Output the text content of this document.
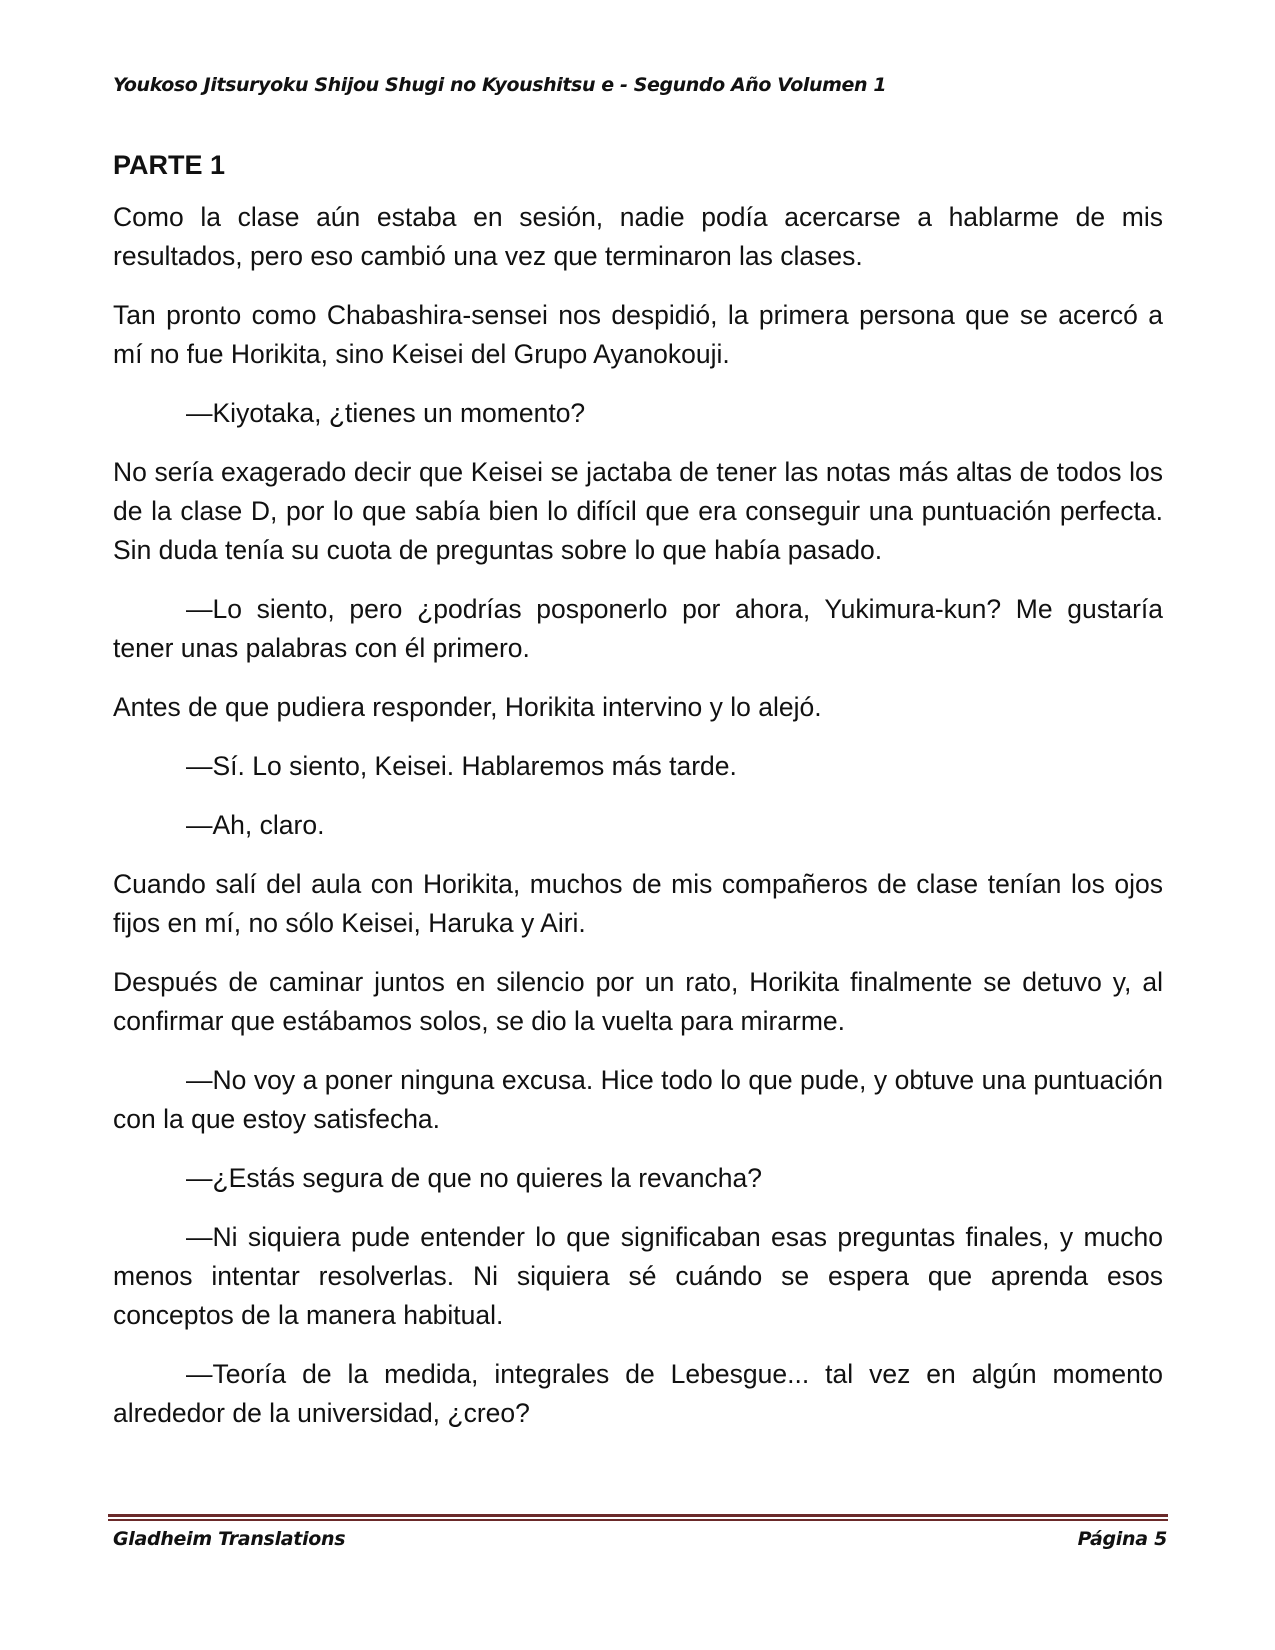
Youkoso Jitsuryoku Shijou Shugi no Kyoushitsu e - Segundo Año Volumen 1
PARTE 1

Como la clase aún estaba en sesión, nadie podía acercarse a hablarme de mis resultados, pero eso cambió una vez que terminaron las clases.

Tan pronto como Chabashira-sensei nos despidió, la primera persona que se acercó a mí no fue Horikita, sino Keisei del Grupo Ayanokouji.

—Kiyotaka, ¿tienes un momento?

No sería exagerado decir que Keisei se jactaba de tener las notas más altas de todos los de la clase D, por lo que sabía bien lo difícil que era conseguir una puntuación perfecta. Sin duda tenía su cuota de preguntas sobre lo que había pasado.

—Lo siento, pero ¿podrías posponerlo por ahora, Yukimura-kun? Me gustaría tener unas palabras con él primero.

Antes de que pudiera responder, Horikita intervino y lo alejó.

—Sí. Lo siento, Keisei. Hablaremos más tarde.

—Ah, claro.

Cuando salí del aula con Horikita, muchos de mis compañeros de clase tenían los ojos fijos en mí, no sólo Keisei, Haruka y Airi.

Después de caminar juntos en silencio por un rato, Horikita finalmente se detuvo y, al confirmar que estábamos solos, se dio la vuelta para mirarme.

—No voy a poner ninguna excusa. Hice todo lo que pude, y obtuve una puntuación con la que estoy satisfecha.

—¿Estás segura de que no quieres la revancha?

—Ni siquiera pude entender lo que significaban esas preguntas finales, y mucho menos intentar resolverlas. Ni siquiera sé cuándo se espera que aprenda esos conceptos de la manera habitual.

—Teoría de la medida, integrales de Lebesgue... tal vez en algún momento alrededor de la universidad, ¿creo?

Gladheim Translations	Página 5
